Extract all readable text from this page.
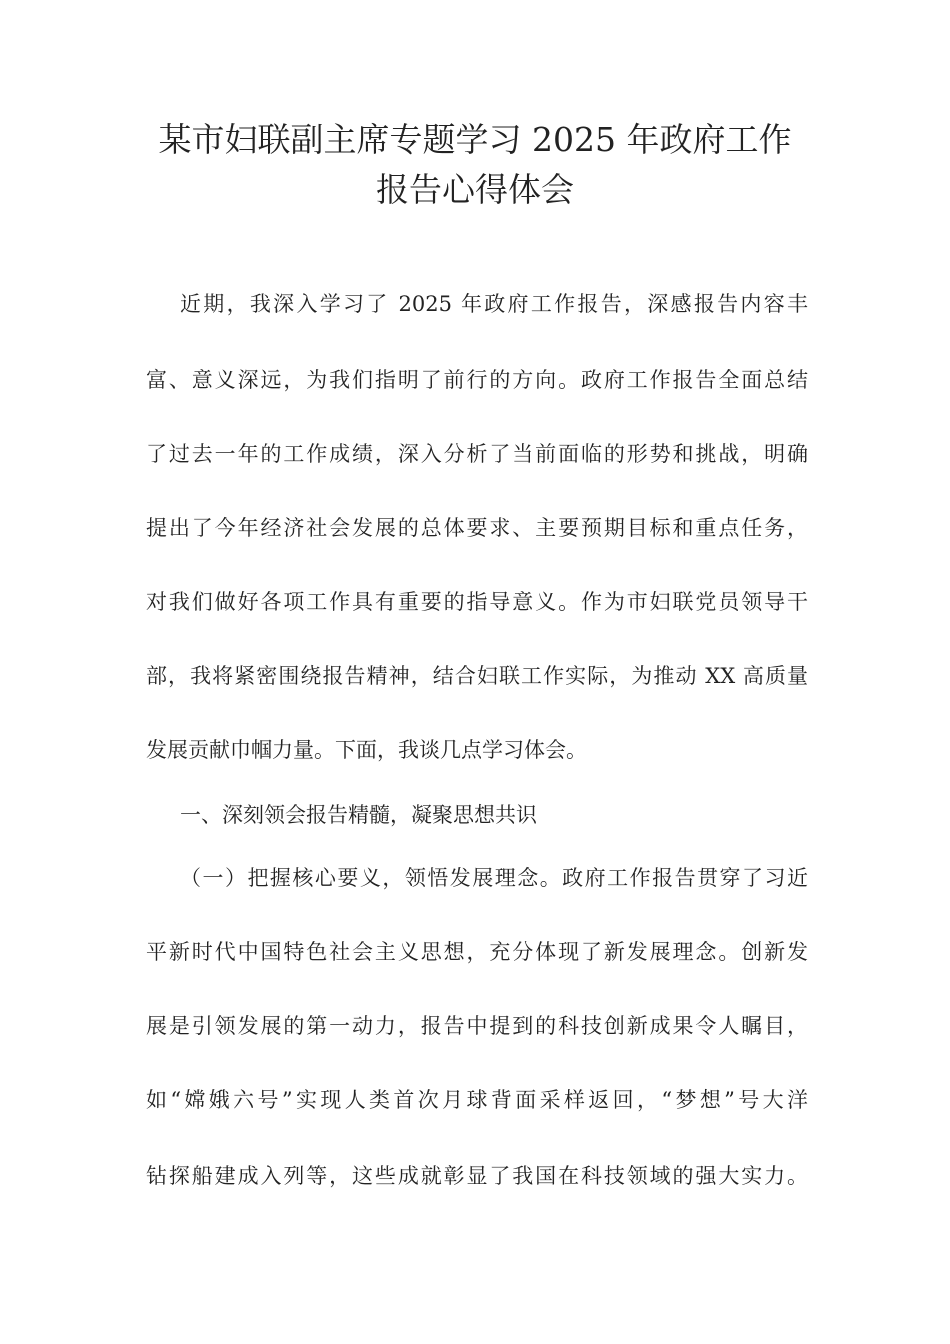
某市妇联副主席专题学习 2025 年政府工作
报告心得体会
近期，我深入学习了 2025 年政府工作报告，深感报告内容丰
富、意义深远，为我们指明了前行的方向。政府工作报告全面总结
了过去一年的工作成绩，深入分析了当前面临的形势和挑战，明确
提出了今年经济社会发展的总体要求、主要预期目标和重点任务，
对我们做好各项工作具有重要的指导意义。作为市妇联党员领导干
部，我将紧密围绕报告精神，结合妇联工作实际，为推动 XX 高质量
发展贡献巾帼力量。下面，我谈几点学习体会。
一、深刻领会报告精髓，凝聚思想共识
（一）把握核心要义，领悟发展理念。政府工作报告贯穿了习近
平新时代中国特色社会主义思想，充分体现了新发展理念。创新发
展是引领发展的第一动力，报告中提到的科技创新成果令人瞩目，
如“嫦娥六号”实现人类首次月球背面采样返回，“梦想”号大洋
钻探船建成入列等，这些成就彰显了我国在科技领域的强大实力。
